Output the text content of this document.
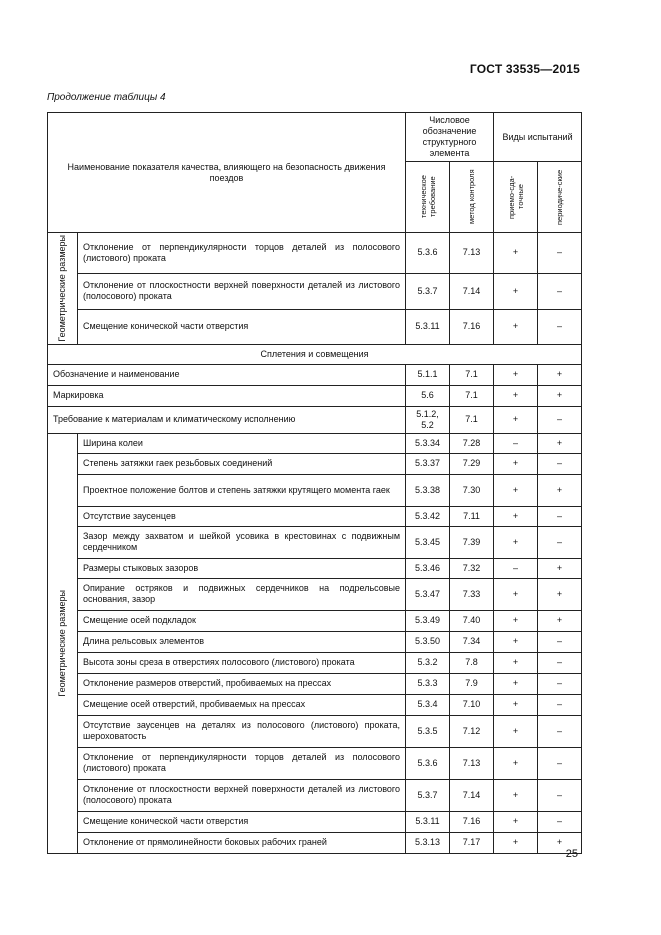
ГОСТ 33535—2015
Продолжение таблицы 4
Наименование показателя качества, влияющего на безопасность движения поездов		Числовое обозначение структурного элемента		Виды испытаний	

		техническое требование	метод контроля	приемо-сда-точные	периодиче-ские

Геометрические размеры	Отклонение от перпендикулярности торцов деталей из полосового (листового) проката	5.3.6	7.13	+	–
	Отклонение от плоскостности верхней поверхности деталей из листового (полосового) проката	5.3.7	7.14	+	–
	Смещение конической части отверстия	5.3.11	7.16	+	–
Сплетения и совмещения					
Обозначение и наименование		5.1.1	7.1	+	+
Маркировка		5.6	7.1	+	+
Требование к материалам и климатическому исполнению		5.1.2, 5.2	7.1	+	–

Геометрические размеры	Ширина колеи	5.3.34	7.28	–	+
	Степень затяжки гаек резьбовых соединений	5.3.37	7.29	+	–
	Проектное положение болтов и степень затяжки крутящего момента гаек	5.3.38	7.30	+	+
	Отсутствие заусенцев	5.3.42	7.11	+	–
	Зазор между захватом и шейкой усовика в крестовинах с подвижным сердечником	5.3.45	7.39	+	–
	Размеры стыковых зазоров	5.3.46	7.32	–	+
	Опирание остряков и подвижных сердечников на подрельсовые основания, зазор	5.3.47	7.33	+	+
	Смещение осей подкладок	5.3.49	7.40	+	+
	Длина рельсовых элементов	5.3.50	7.34	+	–
	Высота зоны среза в отверстиях полосового (листового) проката	5.3.2	7.8	+	–
	Отклонение размеров отверстий, пробиваемых на прессах	5.3.3	7.9	+	–
	Смещение осей отверстий, пробиваемых на прессах	5.3.4	7.10	+	–
	Отсутствие заусенцев на деталях из полосового (листового) проката, шероховатость	5.3.5	7.12	+	–
	Отклонение от перпендикулярности торцов деталей из полосового (листового) проката	5.3.6	7.13	+	–
	Отклонение от плоскостности верхней поверхности деталей из листового (полосового) проката	5.3.7	7.14	+	–
	Смещение конической части отверстия	5.3.11	7.16	+	–
	Отклонение от прямолинейности боковых рабочих граней	5.3.13	7.17	+	+
25
